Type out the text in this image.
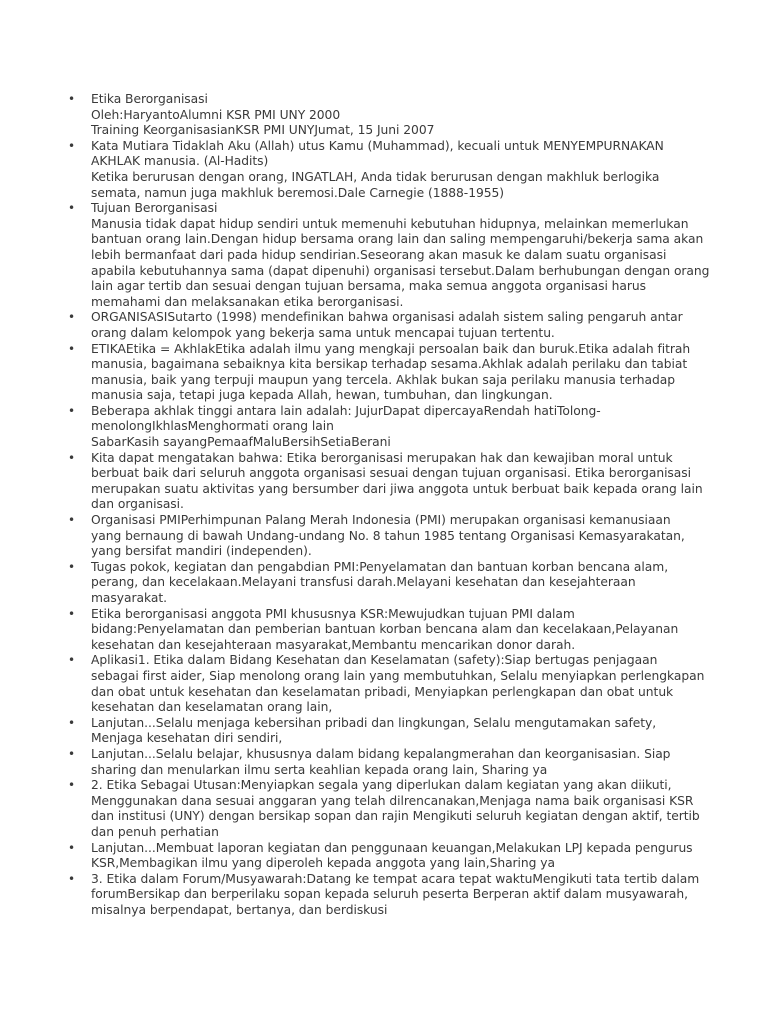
• Etika Berorganisasi
Oleh:HaryantoAlumni KSR PMI UNY 2000
Training KeorganisasianKSR PMI UNYJumat, 15 Juni 2007
• Kata Mutiara Tidaklah Aku (Allah) utus Kamu (Muhammad), kecuali untuk MENYEMPURNAKAN
AKHLAK manusia. (Al-Hadits)
Ketika berurusan dengan orang, INGATLAH, Anda tidak berurusan dengan makhluk berlogika
semata, namun juga makhluk beremosi.Dale Carnegie (1888-1955)
• Tujuan Berorganisasi
Manusia tidak dapat hidup sendiri untuk memenuhi kebutuhan hidupnya, melainkan memerlukan
bantuan orang lain.Dengan hidup bersama orang lain dan saling mempengaruhi/bekerja sama akan
lebih bermanfaat dari pada hidup sendirian.Seseorang akan masuk ke dalam suatu organisasi
apabila kebutuhannya sama (dapat dipenuhi) organisasi tersebut.Dalam berhubungan dengan orang
lain agar tertib dan sesuai dengan tujuan bersama, maka semua anggota organisasi harus
memahami dan melaksanakan etika berorganisasi.
• ORGANISASISutarto (1998) mendefinikan bahwa organisasi adalah sistem saling pengaruh antar
orang dalam kelompok yang bekerja sama untuk mencapai tujuan tertentu.
• ETIKAEtika = AkhlakEtika adalah ilmu yang mengkaji persoalan baik dan buruk.Etika adalah fitrah
manusia, bagaimana sebaiknya kita bersikap terhadap sesama.Akhlak adalah perilaku dan tabiat
manusia, baik yang terpuji maupun yang tercela. Akhlak bukan saja perilaku manusia terhadap
manusia saja, tetapi juga kepada Allah, hewan, tumbuhan, dan lingkungan.
• Beberapa akhlak tinggi antara lain adalah: JujurDapat dipercayaRendah hatiTolong-
menolongIkhlasMenghormati orang lain
SabarKasih sayangPemaafMaluBersihSetiaBerani
• Kita dapat mengatakan bahwa: Etika berorganisasi merupakan hak dan kewajiban moral untuk
berbuat baik dari seluruh anggota organisasi sesuai dengan tujuan organisasi. Etika berorganisasi
merupakan suatu aktivitas yang bersumber dari jiwa anggota untuk berbuat baik kepada orang lain
dan organisasi.
• Organisasi PMIPerhimpunan Palang Merah Indonesia (PMI) merupakan organisasi kemanusiaan
yang bernaung di bawah Undang-undang No. 8 tahun 1985 tentang Organisasi Kemasyarakatan,
yang bersifat mandiri (independen).
• Tugas pokok, kegiatan dan pengabdian PMI:Penyelamatan dan bantuan korban bencana alam,
perang, dan kecelakaan.Melayani transfusi darah.Melayani kesehatan dan kesejahteraan
masyarakat.
• Etika berorganisasi anggota PMI khususnya KSR:Mewujudkan tujuan PMI dalam
bidang:Penyelamatan dan pemberian bantuan korban bencana alam dan kecelakaan,Pelayanan
kesehatan dan kesejahteraan masyarakat,Membantu mencarikan donor darah.
• Aplikasi1. Etika dalam Bidang Kesehatan dan Keselamatan (safety):Siap bertugas penjagaan
sebagai first aider, Siap menolong orang lain yang membutuhkan, Selalu menyiapkan perlengkapan
dan obat untuk kesehatan dan keselamatan pribadi, Menyiapkan perlengkapan dan obat untuk
kesehatan dan keselamatan orang lain,
• Lanjutan...Selalu menjaga kebersihan pribadi dan lingkungan, Selalu mengutamakan safety,
Menjaga kesehatan diri sendiri,
• Lanjutan...Selalu belajar, khususnya dalam bidang kepalangmerahan dan keorganisasian. Siap
sharing dan menularkan ilmu serta keahlian kepada orang lain, Sharing ya
• 2. Etika Sebagai Utusan:Menyiapkan segala yang diperlukan dalam kegiatan yang akan diikuti,
Menggunakan dana sesuai anggaran yang telah dilrencanakan,Menjaga nama baik organisasi KSR
dan institusi (UNY) dengan bersikap sopan dan rajin Mengikuti seluruh kegiatan dengan aktif, tertib
dan penuh perhatian
• Lanjutan...Membuat laporan kegiatan dan penggunaan keuangan,Melakukan LPJ kepada pengurus
KSR,Membagikan ilmu yang diperoleh kepada anggota yang lain,Sharing ya
• 3. Etika dalam Forum/Musyawarah:Datang ke tempat acara tepat waktuMengikuti tata tertib dalam
forumBersikap dan berperilaku sopan kepada seluruh peserta Berperan aktif dalam musyawarah,
misalnya berpendapat, bertanya, dan berdiskusi
